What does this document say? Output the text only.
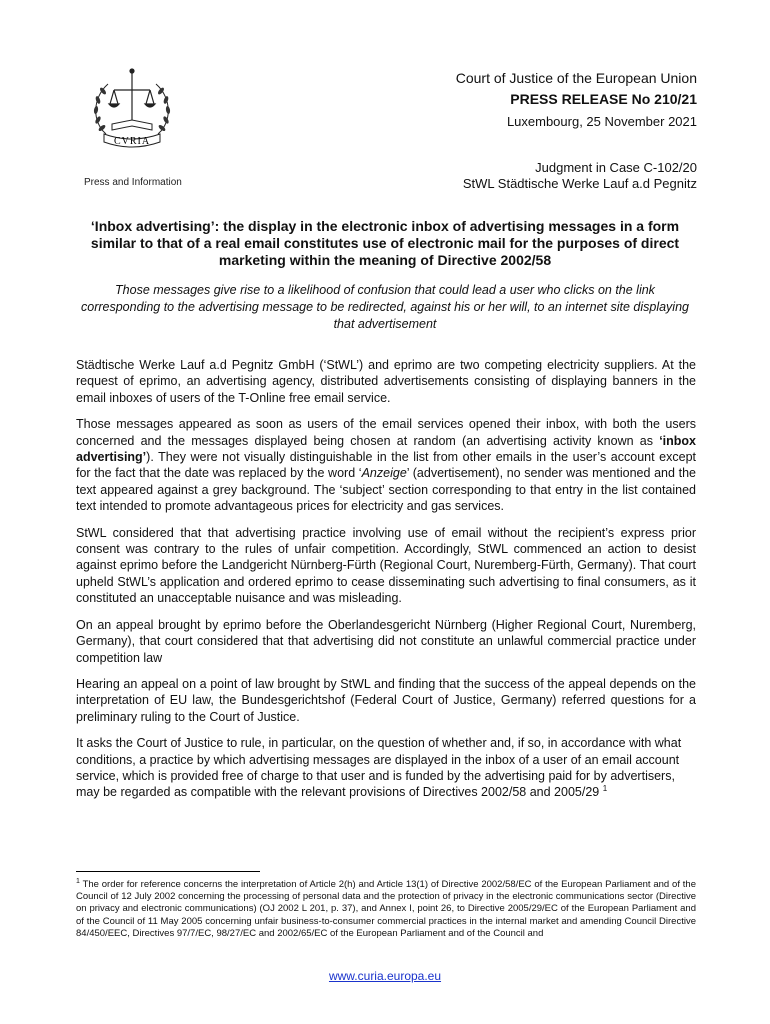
CVRIA
Press and Information
Court of Justice of the European Union
PRESS RELEASE No 210/21
Luxembourg, 25 November 2021
Judgment in Case C-102/20
StWL Städtische Werke Lauf a.d Pegnitz
‘Inbox advertising’: the display in the electronic inbox of advertising messages in a form similar to that of a real email constitutes use of electronic mail for the purposes of direct marketing within the meaning of Directive 2002/58
Those messages give rise to a likelihood of confusion that could lead a user who clicks on the link corresponding to the advertising message to be redirected, against his or her will, to an internet site displaying that advertisement

Städtische Werke Lauf a.d Pegnitz GmbH (‘StWL’) and eprimo are two competing electricity suppliers. At the request of eprimo, an advertising agency, distributed advertisements consisting of displaying banners in the email inboxes of users of the T-Online free email service.

Those messages appeared as soon as users of the email services opened their inbox, with both the users concerned and the messages displayed being chosen at random (an advertising activity known as ‘inbox advertising’). They were not visually distinguishable in the list from other emails in the user’s account except for the fact that the date was replaced by the word ‘Anzeige’ (advertisement), no sender was mentioned and the text appeared against a grey background. The ‘subject’ section corresponding to that entry in the list contained text intended to promote advantageous prices for electricity and gas services.

StWL considered that that advertising practice involving use of email without the recipient’s express prior consent was contrary to the rules of unfair competition. Accordingly, StWL commenced an action to desist against eprimo before the Landgericht Nürnberg-Fürth (Regional Court, Nuremberg-Fürth, Germany). That court upheld StWL’s application and ordered eprimo to cease disseminating such advertising to final consumers, as it constituted an unacceptable nuisance and was misleading.

On an appeal brought by eprimo before the Oberlandesgericht Nürnberg (Higher Regional Court, Nuremberg, Germany), that court considered that that advertising did not constitute an unlawful commercial practice under competition law

Hearing an appeal on a point of law brought by StWL and finding that the success of the appeal depends on the interpretation of EU law, the Bundesgerichtshof (Federal Court of Justice, Germany) referred questions for a preliminary ruling to the Court of Justice.

It asks the Court of Justice to rule, in particular, on the question of whether and, if so, in accordance with what conditions, a practice by which advertising messages are displayed in the inbox of a user of an email account service, which is provided free of charge to that user and is funded by the advertising paid for by advertisers, may be regarded as compatible with the relevant provisions of Directives 2002/58 and 2005/29 $^1$

$^1$ The order for reference concerns the interpretation of Article 2(h) and Article 13(1) of Directive 2002/58/EC of the European Parliament and of the Council of 12 July 2002 concerning the processing of personal data and the protection of privacy in the electronic communications sector (Directive on privacy and electronic communications) (OJ 2002 L 201, p. 37), and Annex I, point 26, to Directive 2005/29/EC of the European Parliament and of the Council of 11 May 2005 concerning unfair business-to-consumer commercial practices in the internal market and amending Council Directive 84/450/EEC, Directives 97/7/EC, 98/27/EC and 2002/65/EC of the European Parliament and of the Council and
www.curia.europa.eu
